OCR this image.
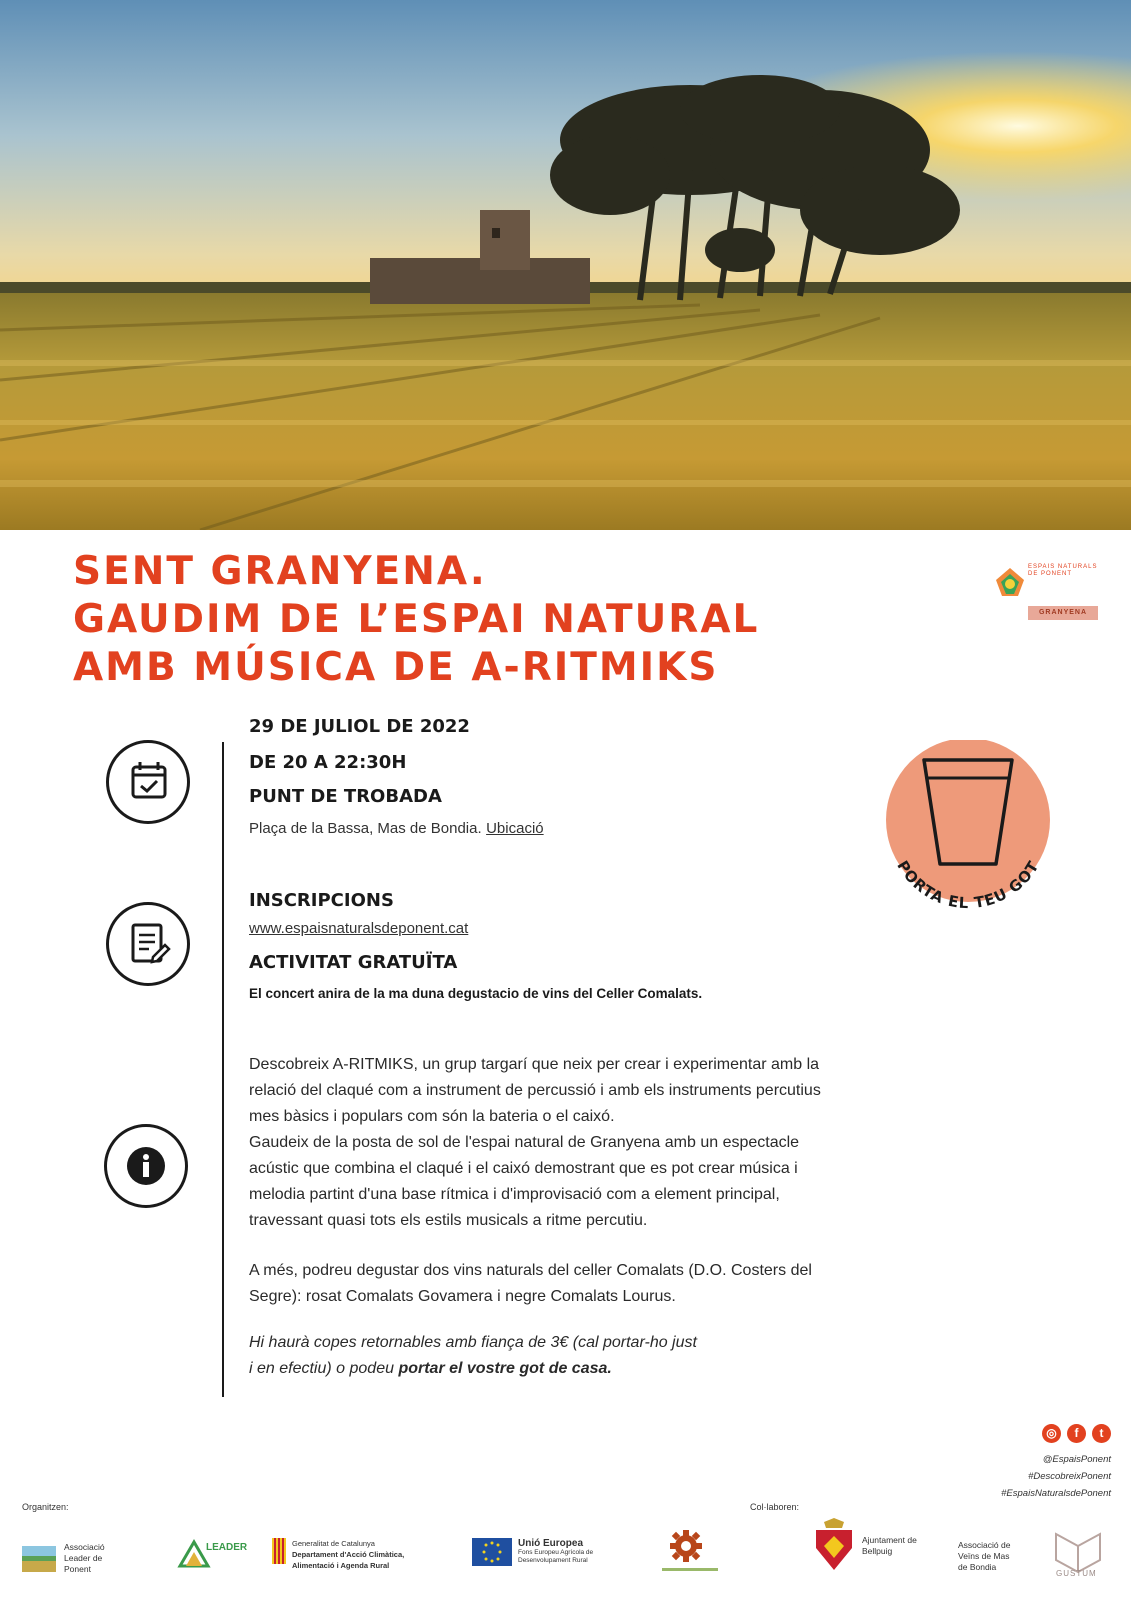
SENT GRANYENA.
GAUDIM DE L’ESPAI NATURAL
AMB MÚSICA DE A-RITMIKS
ESPAIS NATURALS DE PONENT
GRANYENA
29 DE JULIOL DE 2022
DE 20 A 22:30H
PUNT DE TROBADA
Plaça de la Bassa, Mas de Bondia. Ubicació
INSCRIPCIONS
www.espaisnaturalsdeponent.cat
ACTIVITAT GRATUÏTA
El concert anira de la ma duna degustacio de vins del Celler Comalats.
Descobreix A-RITMIKS, un grup targarí que neix per crear i experimentar amb la
relació del claqué com a instrument de percussió i amb els instruments percutius
mes bàsics i populars com són la bateria o el caixó.
Gaudeix de la posta de sol de l'espai natural de Granyena amb un espectacle
acústic que combina el claqué i el caixó demostrant que es pot crear música i
melodia partint d'una base rítmica i d'improvisació com a element principal,
travessant quasi tots els estils musicals a ritme percutiu.
A més, podreu degustar dos vins naturals del celler Comalats (D.O. Costers del
Segre): rosat Comalats Govamera i negre Comalats Lourus.
Hi haurà copes retornables amb fiança de 3€ (cal portar-ho just
i en efectiu) o podeu portar el vostre got de casa.
PORTA EL TEU GOT
◎	f	t
@EspaisPonent
#DescobreixPonent
#EspaisNaturalsdePonent
Organitzen:	Col·laboren:
Associació Leader de Ponent
LEADER	Generalitat de Catalunya
Departament d'Acció Climàtica,
Alimentació i Agenda Rural
Unió Europea
Fons Europeu Agrícola de Desenvolupament Rural
Ajuntament de
Bellpuig
Associació de
Veïns de Mas
de Bondia
GUSTUM
